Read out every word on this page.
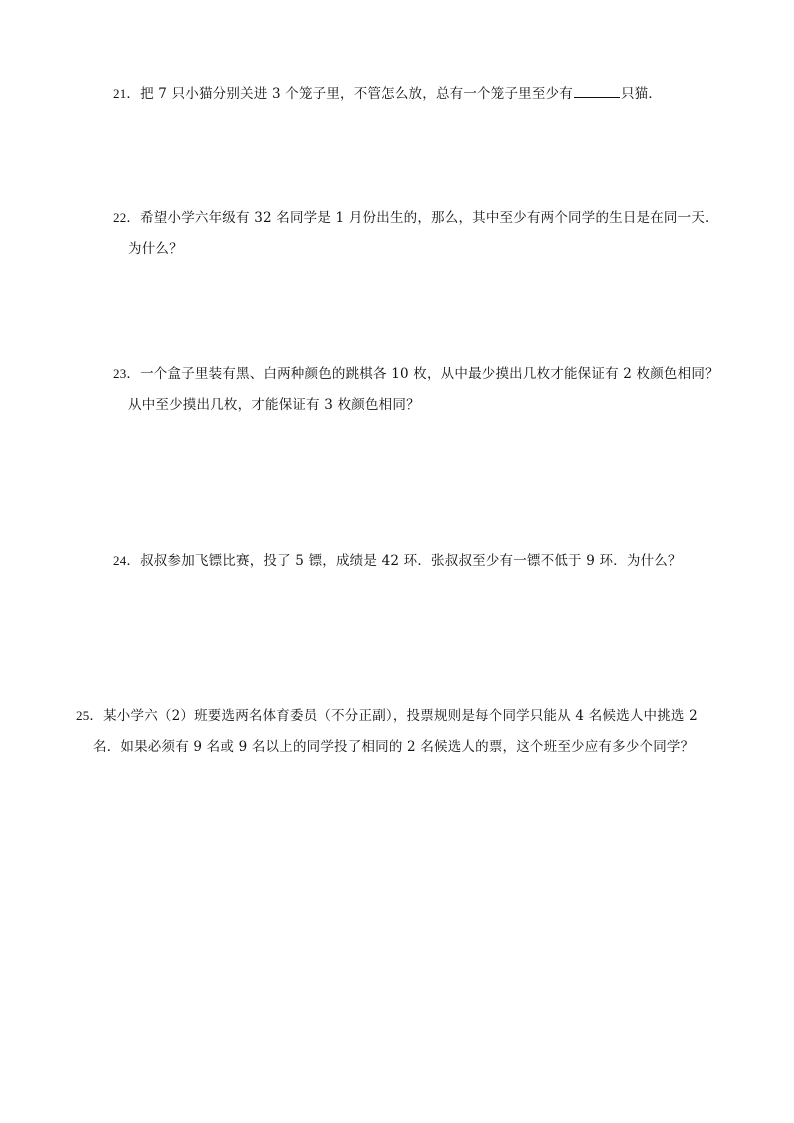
21．把 7 只小猫分别关进 3 个笼子里，不管怎么放，总有一个笼子里至少有	只猫．
22．希望小学六年级有 32 名同学是 1 月份出生的，那么，其中至少有两个同学的生日是在同一天．
为什么？
23．一个盒子里装有黑、白两种颜色的跳棋各 10 枚，从中最少摸出几枚才能保证有 2 枚颜色相同？
从中至少摸出几枚，才能保证有 3 枚颜色相同？
24．叔叔参加飞镖比赛，投了 5 镖，成绩是 42 环．张叔叔至少有一镖不低于 9 环．为什么？
25．某小学六（2）班要选两名体育委员（不分正副），投票规则是每个同学只能从 4 名候选人中挑选 2
名．如果必须有 9 名或 9 名以上的同学投了相同的 2 名候选人的票，这个班至少应有多少个同学？
